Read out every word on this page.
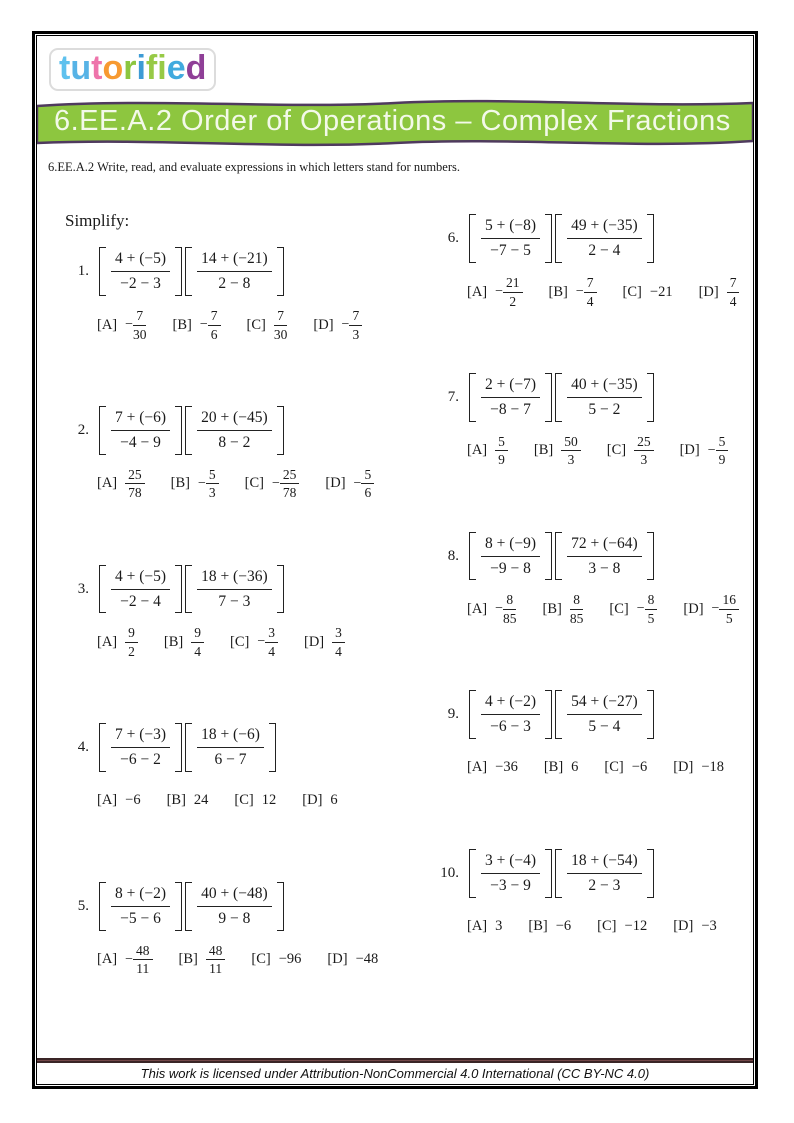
tutorified
6.EE.A.2 Order of Operations – Complex Fractions
6.EE.A.2 Write, read, and evaluate expressions in which letters stand for numbers.
Simplify:
1. $\frac{4 + (-5)}{-2 - 3} \frac{14 + (-21)}{2 - 8}$
$[A] - \frac{7}{30} [B] - \frac{7}{6} [C] \frac{7}{30} [D] - \frac{7}{3}$
2. $\frac{7 + (-6)}{-4 - 9} \frac{20 + (-45)}{8 - 2}$
$[A] \frac{25}{78} [B] - \frac{5}{3} [C] - \frac{25}{78} [D] - \frac{5}{6}$
3. $\frac{4 + (-5)}{-2 - 4} \frac{18 + (-36)}{7 - 3}$
$[A] \frac{9}{2} [B] \frac{9}{4} [C] - \frac{3}{4} [D] \frac{3}{4}$
4. $\frac{7 + (-3)}{-6 - 2} \frac{18 + (-6)}{6 - 7}$
[A] −6 [B] 24 [C] 12 [D] 6
5. $\frac{8 + (-2)}{-5 - 6} \frac{40 + (-48)}{9 - 8}$
$[A] - \frac{48}{11} [B] \frac{48}{11} [C] -96$ [D] −48
6. $\frac{5 + (-8)}{-7 - 5} \frac{49 + (-35)}{2 - 4}$
$[A] - \frac{21}{2} [B] - \frac{7}{4} [C] -21$ $[D] \frac{7}{4}$
7. $\frac{2 + (-7)}{-8 - 7} \frac{40 + (-35)}{5 - 2}$
$[A] \frac{5}{9} [B] \frac{50}{3} [C] \frac{25}{3} [D] - \frac{5}{9}$
8. $\frac{8 + (-9)}{-9 - 8} \frac{72 + (-64)}{3 - 8}$
$[A] - \frac{8}{85} [B] \frac{8}{85} [C] - \frac{8}{5} [D] - \frac{16}{5}$
9. $\frac{4 + (-2)}{-6 - 3} \frac{54 + (-27)}{5 - 4}$
[A] −36 [B] 6 [C] −6 [D] −18
10. $\frac{3 + (-4)}{-3 - 9} \frac{18 + (-54)}{2 - 3}$
[A] 3 [B] −6 [C] −12 [D] −3
This work is licensed under Attribution-NonCommercial 4.0 International (CC BY-NC 4.0)
